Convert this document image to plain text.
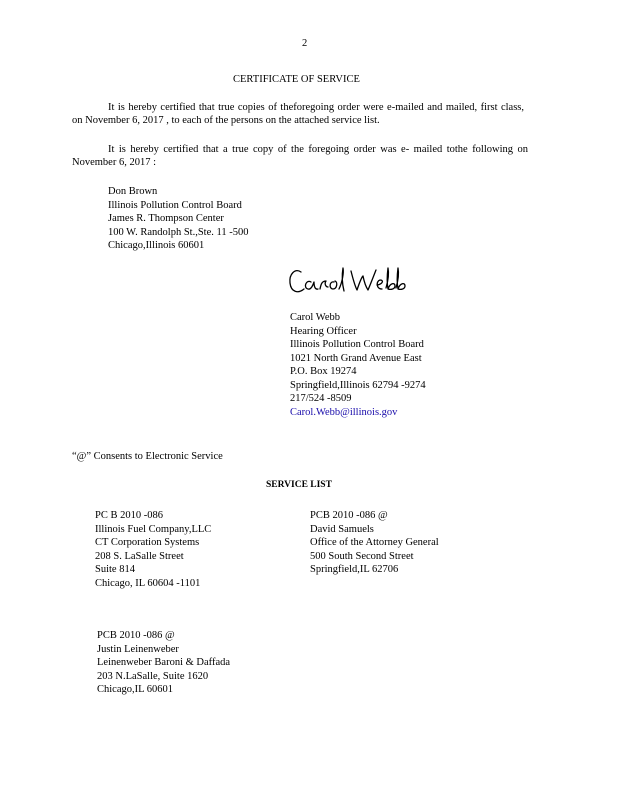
2
CERTIFICATE OF SERVICE
It is hereby certified that true copies of theforegoing order were e-mailed and mailed, first class, on November 6, 2017 , to each of the persons on the attached service list.
It is hereby certified that a true copy of the foregoing order was e- mailed tothe following on November 6, 2017 :
Don Brown
Illinois Pollution Control Board
James R. Thompson Center
100 W. Randolph St.,Ste. 11 -500
Chicago,Illinois 60601
Carol Webb
Hearing Officer
Illinois Pollution Control Board
1021 North Grand Avenue East
P.O. Box 19274
Springfield,Illinois 62794 -9274
217/524 -8509
Carol.Webb@illinois.gov
“@” Consents to Electronic Service
SERVICE LIST
PC B 2010 -086
Illinois Fuel Company,LLC
CT Corporation Systems
208 S. LaSalle Street
Suite 814
Chicago, IL 60604 -1101
PCB 2010 -086 @
David Samuels
Office of the Attorney General
500 South Second Street
Springfield,IL 62706
PCB 2010 -086 @
Justin Leinenweber
Leinenweber Baroni & Daffada
203 N.LaSalle, Suite 1620
Chicago,IL 60601
